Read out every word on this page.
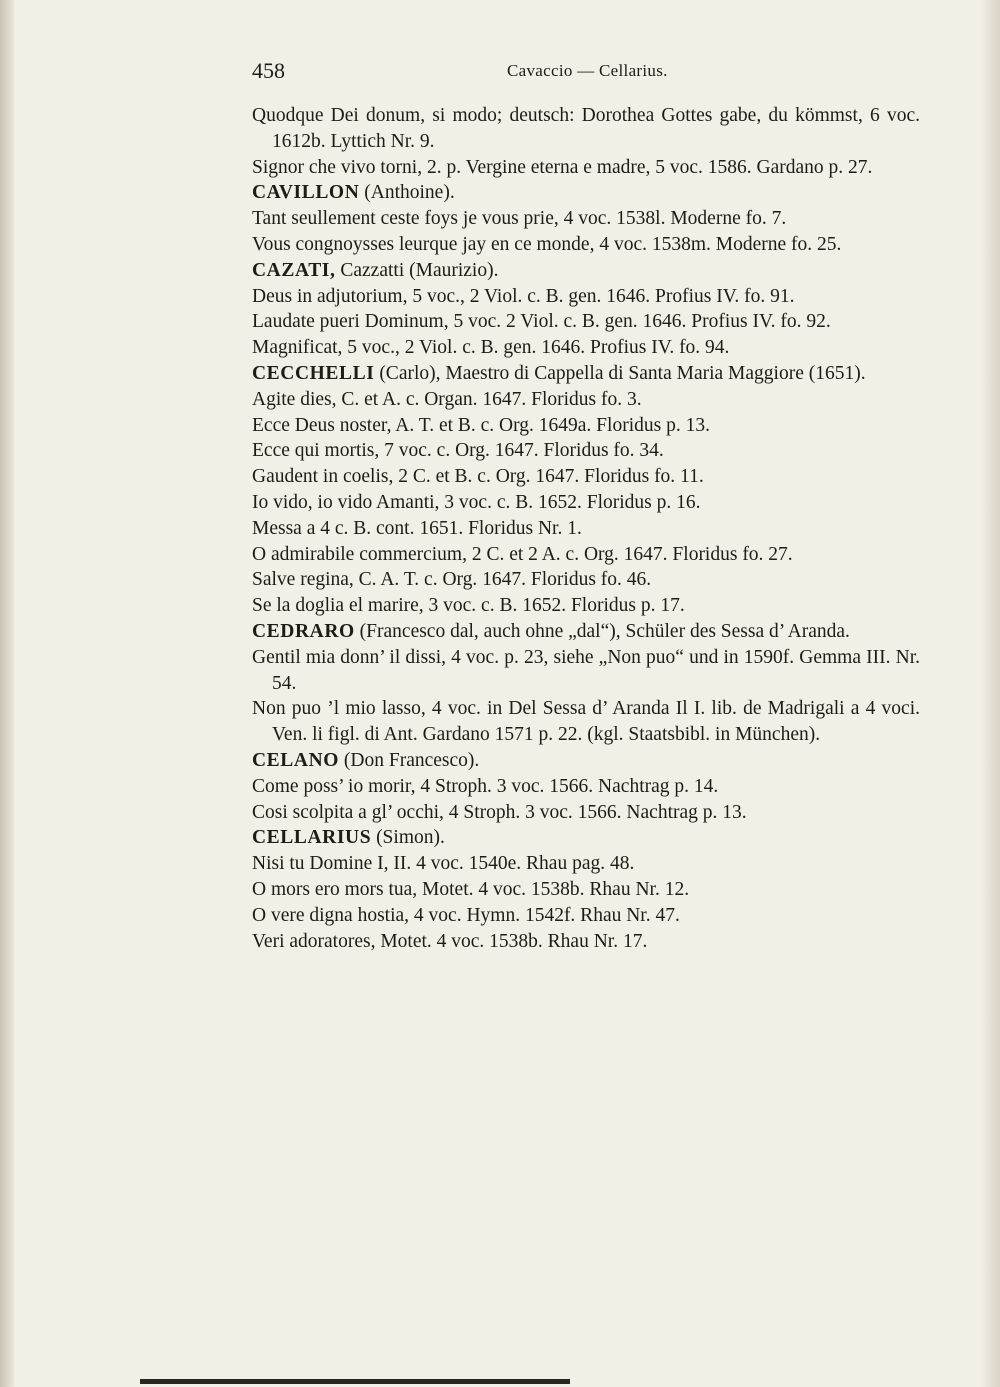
458	Cavaccio — Cellarius.
Quodque Dei donum, si modo; deutsch: Dorothea Gottes gabe, du kömmst, 6 voc. 1612b. Lyttich Nr. 9.
Signor che vivo torni, 2. p. Vergine eterna e madre, 5 voc. 1586. Gardano p. 27.
CAVILLON (Anthoine).
Tant seullement ceste foys je vous prie, 4 voc. 1538l. Moderne fo. 7.
Vous congnoysses leurque jay en ce monde, 4 voc. 1538m. Moderne fo. 25.
CAZATI, Cazzatti (Maurizio).
Deus in adjutorium, 5 voc., 2 Viol. c. B. gen. 1646. Profius IV. fo. 91.
Laudate pueri Dominum, 5 voc. 2 Viol. c. B. gen. 1646. Profius IV. fo. 92.
Magnificat, 5 voc., 2 Viol. c. B. gen. 1646. Profius IV. fo. 94.
CECCHELLI (Carlo), Maestro di Cappella di Santa Maria Maggiore (1651).
Agite dies, C. et A. c. Organ. 1647. Floridus fo. 3.
Ecce Deus noster, A. T. et B. c. Org. 1649a. Floridus p. 13.
Ecce qui mortis, 7 voc. c. Org. 1647. Floridus fo. 34.
Gaudent in coelis, 2 C. et B. c. Org. 1647. Floridus fo. 11.
Io vido, io vido Amanti, 3 voc. c. B. 1652. Floridus p. 16.
Messa a 4 c. B. cont. 1651. Floridus Nr. 1.
O admirabile commercium, 2 C. et 2 A. c. Org. 1647. Floridus fo. 27.
Salve regina, C. A. T. c. Org. 1647. Floridus fo. 46.
Se la doglia el marire, 3 voc. c. B. 1652. Floridus p. 17.
CEDRARO (Francesco dal, auch ohne „dal“), Schüler des Sessa d’ Aranda.
Gentil mia donn’ il dissi, 4 voc. p. 23, siehe „Non puo“ und in 1590f. Gemma III. Nr. 54.
Non puo ’l mio lasso, 4 voc. in Del Sessa d’ Aranda Il I. lib. de Madrigali a 4 voci. Ven. li figl. di Ant. Gardano 1571 p. 22. (kgl. Staatsbibl. in München).
CELANO (Don Francesco).
Come poss’ io morir, 4 Stroph. 3 voc. 1566. Nachtrag p. 14.
Cosi scolpita a gl’ occhi, 4 Stroph. 3 voc. 1566. Nachtrag p. 13.
CELLARIUS (Simon).
Nisi tu Domine I, II. 4 voc. 1540e. Rhau pag. 48.
O mors ero mors tua, Motet. 4 voc. 1538b. Rhau Nr. 12.
O vere digna hostia, 4 voc. Hymn. 1542f. Rhau Nr. 47.
Veri adoratores, Motet. 4 voc. 1538b. Rhau Nr. 17.
